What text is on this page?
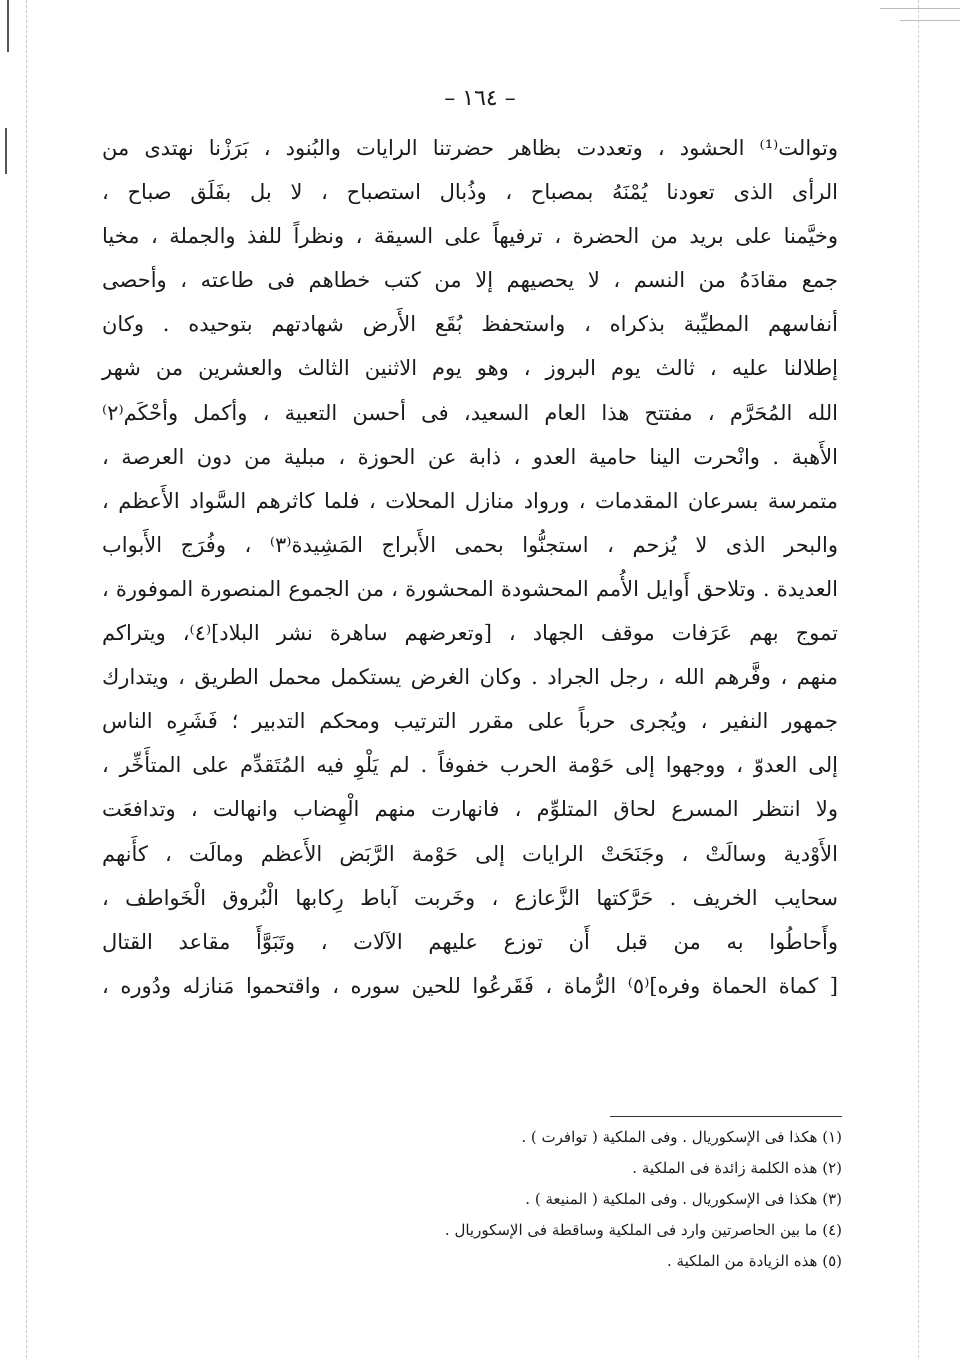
– ١٦٤ –
وتوالت⁽¹⁾ الحشود ، وتعددت بظاهر حضرتنا الرايات والبُنود ، بَرَزْنا نهتدى من
الرأى الذى تعودنا يُمْنَهُ بمصباح ، وذُبال استصباح ، لا بل بفَلَق صباح ،
وخيَّمنا على بريد من الحضرة ، ترفيهاً على السيقة ، ونظراً للفذ والجملة ، مخيا
جمع مقادَهُ من النسم ، لا يحصيهم إلا من كتب خطاهم فى طاعته ، وأحصى
أنفاسهم المطيِّبة بذكراه ، واستحفظ بُقَع الأَرض شهادتهم بتوحيده . وكان
إطلالنا عليه ، ثالث يوم البروز ، وهو يوم الاثنين الثالث والعشرين من شهر
الله المُحَرَّم ، مفتتح هذا العام السعيد، فى أحسن التعبية ، وأكمل وأحْكَم⁽٢⁾
الأَهبة . وانْحرت الينا حامية العدو ، ذابة عن الحوزة ، مبلية من دون العرصة ،
متمرسة بسرعان المقدمات ، ورواد منازل المحلات ، فلما كاثرهم السَّواد الأَعظم ،
والبحر الذى لا يُزحم ، استجنُّوا بحمى الأَبراج المَشِيدة⁽٣⁾ ، وفُرَج الأَبواب
العديدة . وتلاحق أَوايل الأُمم المحشودة المحشورة ، من الجموع المنصورة الموفورة ،
تموج بهم عَرَفات موقف الجهاد ، [وتعرضهم ساهرة نشر البلاد]⁽٤⁾، ويتراكم
منهم ، وفَّرهم الله ، رجل الجراد . وكان الغرض يستكمل محمل الطريق ، ويتدارك
جمهور النفير ، ويُجرى حرباً على مقرر الترتيب ومحكم التدبير ؛ فَشَرِه الناس
إلى العدوّ ، ووجهوا إلى حَوْمة الحرب خفوفاً . لم يَلْوِ فيه المُتَقدِّم على المتأَخِّر ،
ولا انتظر المسرع لحاق المتلوِّم ، فانهارت منهم الْهِضاب وانهالت ، وتدافعَت
الأَوْدية وسالَتْ ، وجَنَحَتْ الرايات إلى حَوْمة الرَّبَض الأَعظم ومالَت ، كأَنهم
سحايب الخريف . حَرَّكتها الزَّعازع ، وخَربت آباط رِكابها الْبُروق الْخَواطف ،
وأَحاطُوا به من قبل أَن توزع عليهم الآلات ، وتَبَوَّأَ مقاعد القتال
[ كماة الحماة وفره]⁽٥⁾ الرُّماة ، فَقَرعُوا للحين سوره ، واقتحموا مَنازله ودُوره ،
(١) هكذا فى الإسكوريال . وفى الملكية ( توافرت ) .
(٢) هذه الكلمة زائدة فى الملكية .
(٣) هكذا فى الإسكوريال . وفى الملكية ( المنيعة ) .
(٤) ما بين الحاصرتين وارد فى الملكية وساقطة فى الإسكوريال .
(٥) هذه الزيادة من الملكية .
